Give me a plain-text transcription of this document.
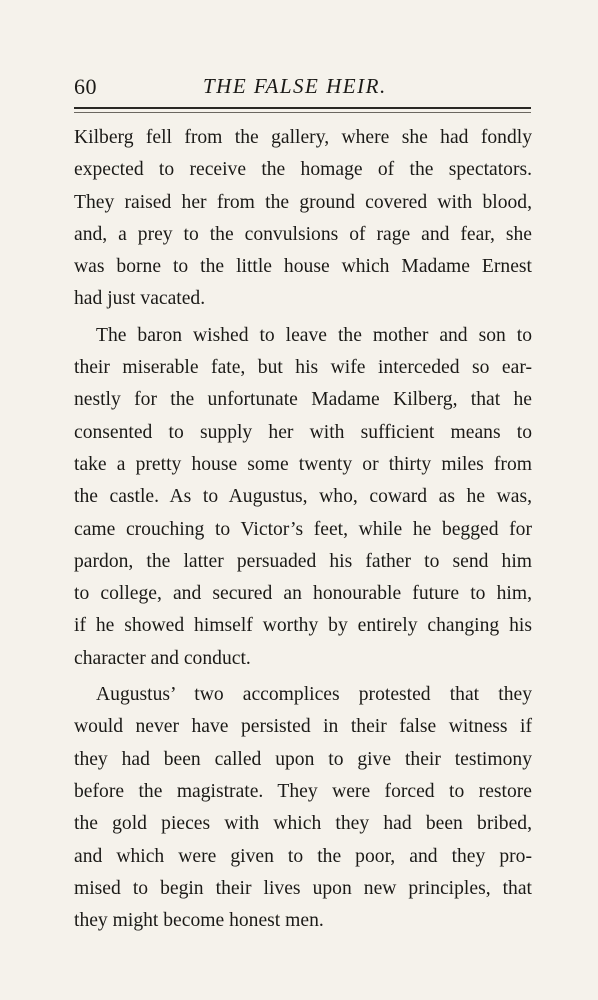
60	THE FALSE HEIR.
Kilberg fell from the gallery, where she had fondly
expected to receive the homage of the spectators.
They raised her from the ground covered with blood,
and, a prey to the convulsions of rage and fear, she
was borne to the little house which Madame Ernest
had just vacated.
The baron wished to leave the mother and son to
their miserable fate, but his wife interceded so ear-
nestly for the unfortunate Madame Kilberg, that he
consented to supply her with sufficient means to
take a pretty house some twenty or thirty miles from
the castle. As to Augustus, who, coward as he was,
came crouching to Victor’s feet, while he begged for
pardon, the latter persuaded his father to send him
to college, and secured an honourable future to him,
if he showed himself worthy by entirely changing his
character and conduct.
Augustus’ two accomplices protested that they
would never have persisted in their false witness if
they had been called upon to give their testimony
before the magistrate. They were forced to restore
the gold pieces with which they had been bribed,
and which were given to the poor, and they pro-
mised to begin their lives upon new principles, that
they might become honest men.
